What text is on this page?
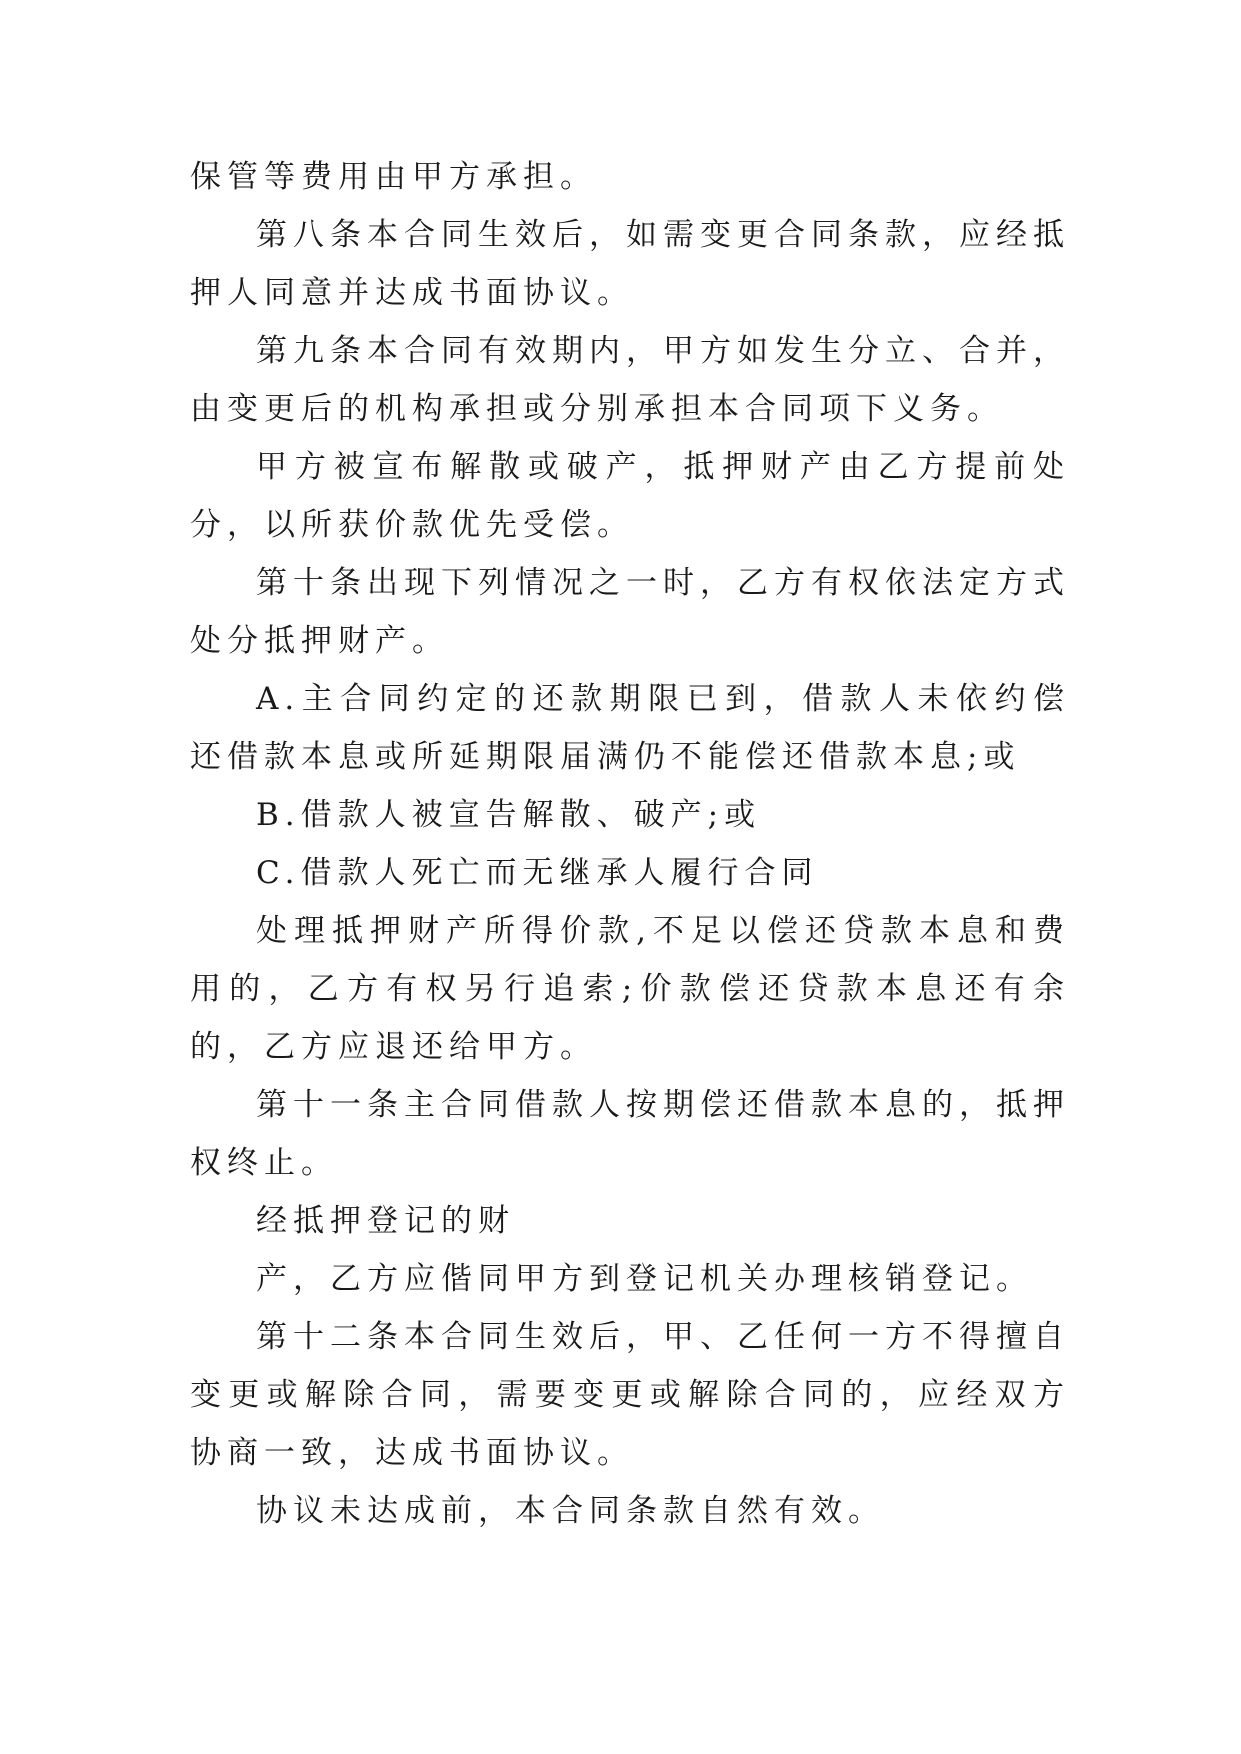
保管等费用由甲方承担。

第八条本合同生效后，如需变更合同条款，应经抵押人同意并达成书面协议。

第九条本合同有效期内，甲方如发生分立、合并，由变更后的机构承担或分别承担本合同项下义务。

甲方被宣布解散或破产，抵押财产由乙方提前处分，以所获价款优先受偿。

第十条出现下列情况之一时，乙方有权依法定方式处分抵押财产。

A.主合同约定的还款期限已到，借款人未依约偿还借款本息或所延期限届满仍不能偿还借款本息;或

B.借款人被宣告解散、破产;或

C.借款人死亡而无继承人履行合同

处理抵押财产所得价款,不足以偿还贷款本息和费用的，乙方有权另行追索;价款偿还贷款本息还有余的，乙方应退还给甲方。

第十一条主合同借款人按期偿还借款本息的，抵押权终止。

经抵押登记的财

产，乙方应偕同甲方到登记机关办理核销登记。

第十二条本合同生效后，甲、乙任何一方不得擅自变更或解除合同，需要变更或解除合同的，应经双方协商一致，达成书面协议。

协议未达成前，本合同条款自然有效。
